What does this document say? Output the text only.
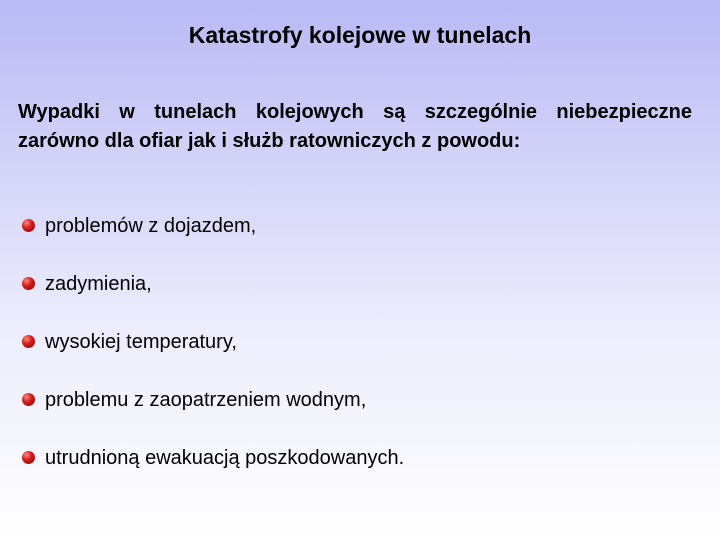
Katastrofy kolejowe w tunelach
Wypadki w tunelach kolejowych są szczególnie niebezpieczne zarówno dla ofiar jak i służb ratowniczych z powodu:
problemów z dojazdem,
zadymienia,
wysokiej temperatury,
problemu z zaopatrzeniem wodnym,
utrudnioną ewakuacją poszkodowanych.
